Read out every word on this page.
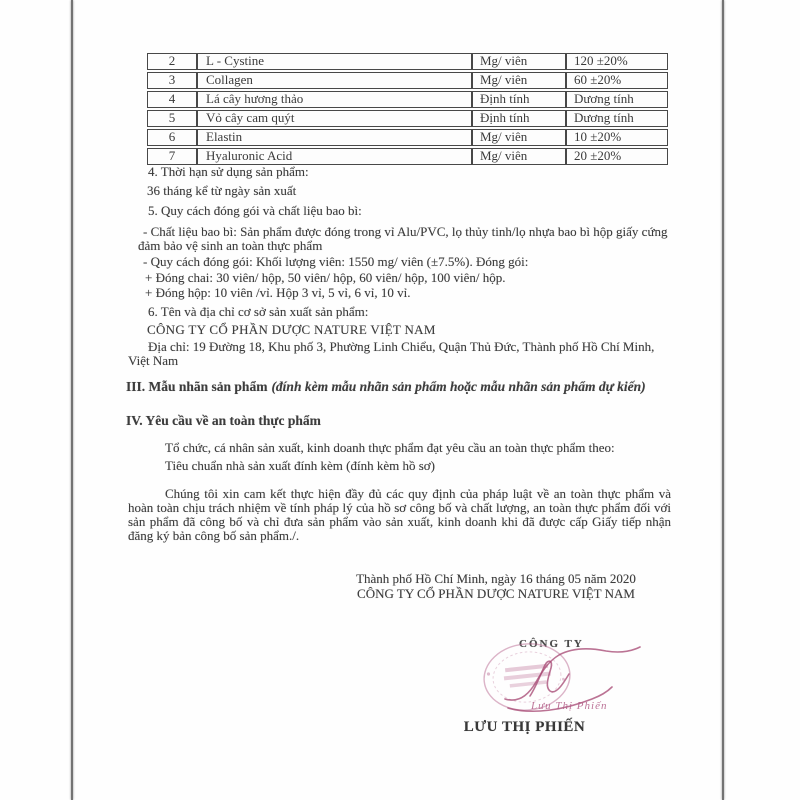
2	L - Cystine	Mg/ viên	120 ±20%
3	Collagen	Mg/ viên	60 ±20%
4	Lá cây hương thảo	Định tính	Dương tính
5	Vỏ cây cam quýt	Định tính	Dương tính
6	Elastin	Mg/ viên	10 ±20%
7	Hyaluronic Acid	Mg/ viên	20 ±20%
4. Thời hạn sử dụng sản phẩm:
36 tháng kể từ ngày sản xuất
5. Quy cách đóng gói và chất liệu bao bì:
- Chất liệu bao bì: Sản phẩm được đóng trong vỉ Alu/PVC, lọ thủy tinh/lọ nhựa bao bì hộp giấy cứng đảm bảo vệ sinh an toàn thực phẩm
- Quy cách đóng gói: Khối lượng viên: 1550 mg/ viên (±7.5%). Đóng gói:
+ Đóng chai: 30 viên/ hộp, 50 viên/ hộp, 60 viên/ hộp, 100 viên/ hộp.
+ Đóng hộp: 10 viên /vỉ. Hộp 3 vỉ, 5 vỉ, 6 vỉ, 10 vỉ.
6. Tên và địa chỉ cơ sở sản xuất sản phẩm:
CÔNG TY CỔ PHẦN DƯỢC NATURE VIỆT NAM
Địa chỉ: 19 Đường 18, Khu phố 3, Phường Linh Chiểu, Quận Thủ Đức, Thành phố Hồ Chí Minh, Việt Nam
III. Mẫu nhãn sản phẩm (đính kèm mẫu nhãn sản phẩm hoặc mẫu nhãn sản phẩm dự kiến)
IV. Yêu cầu về an toàn thực phẩm
Tổ chức, cá nhân sản xuất, kinh doanh thực phẩm đạt yêu cầu an toàn thực phẩm theo:
Tiêu chuẩn nhà sản xuất đính kèm (đính kèm hồ sơ)
Chúng tôi xin cam kết thực hiện đầy đủ các quy định của pháp luật về an toàn thực phẩm và hoàn toàn chịu trách nhiệm về tính pháp lý của hồ sơ công bố và chất lượng, an toàn thực phẩm đối với sản phẩm đã công bố và chỉ đưa sản phẩm vào sản xuất, kinh doanh khi đã được cấp Giấy tiếp nhận đăng ký bản công bố sản phẩm./.
Thành phố Hồ Chí Minh, ngày 16 tháng 05 năm 2020
CÔNG TY CỔ PHẦN DƯỢC NATURE VIỆT NAM
CÔNG TY
Lưu Thị Phiến
LƯU THỊ PHIẾN
